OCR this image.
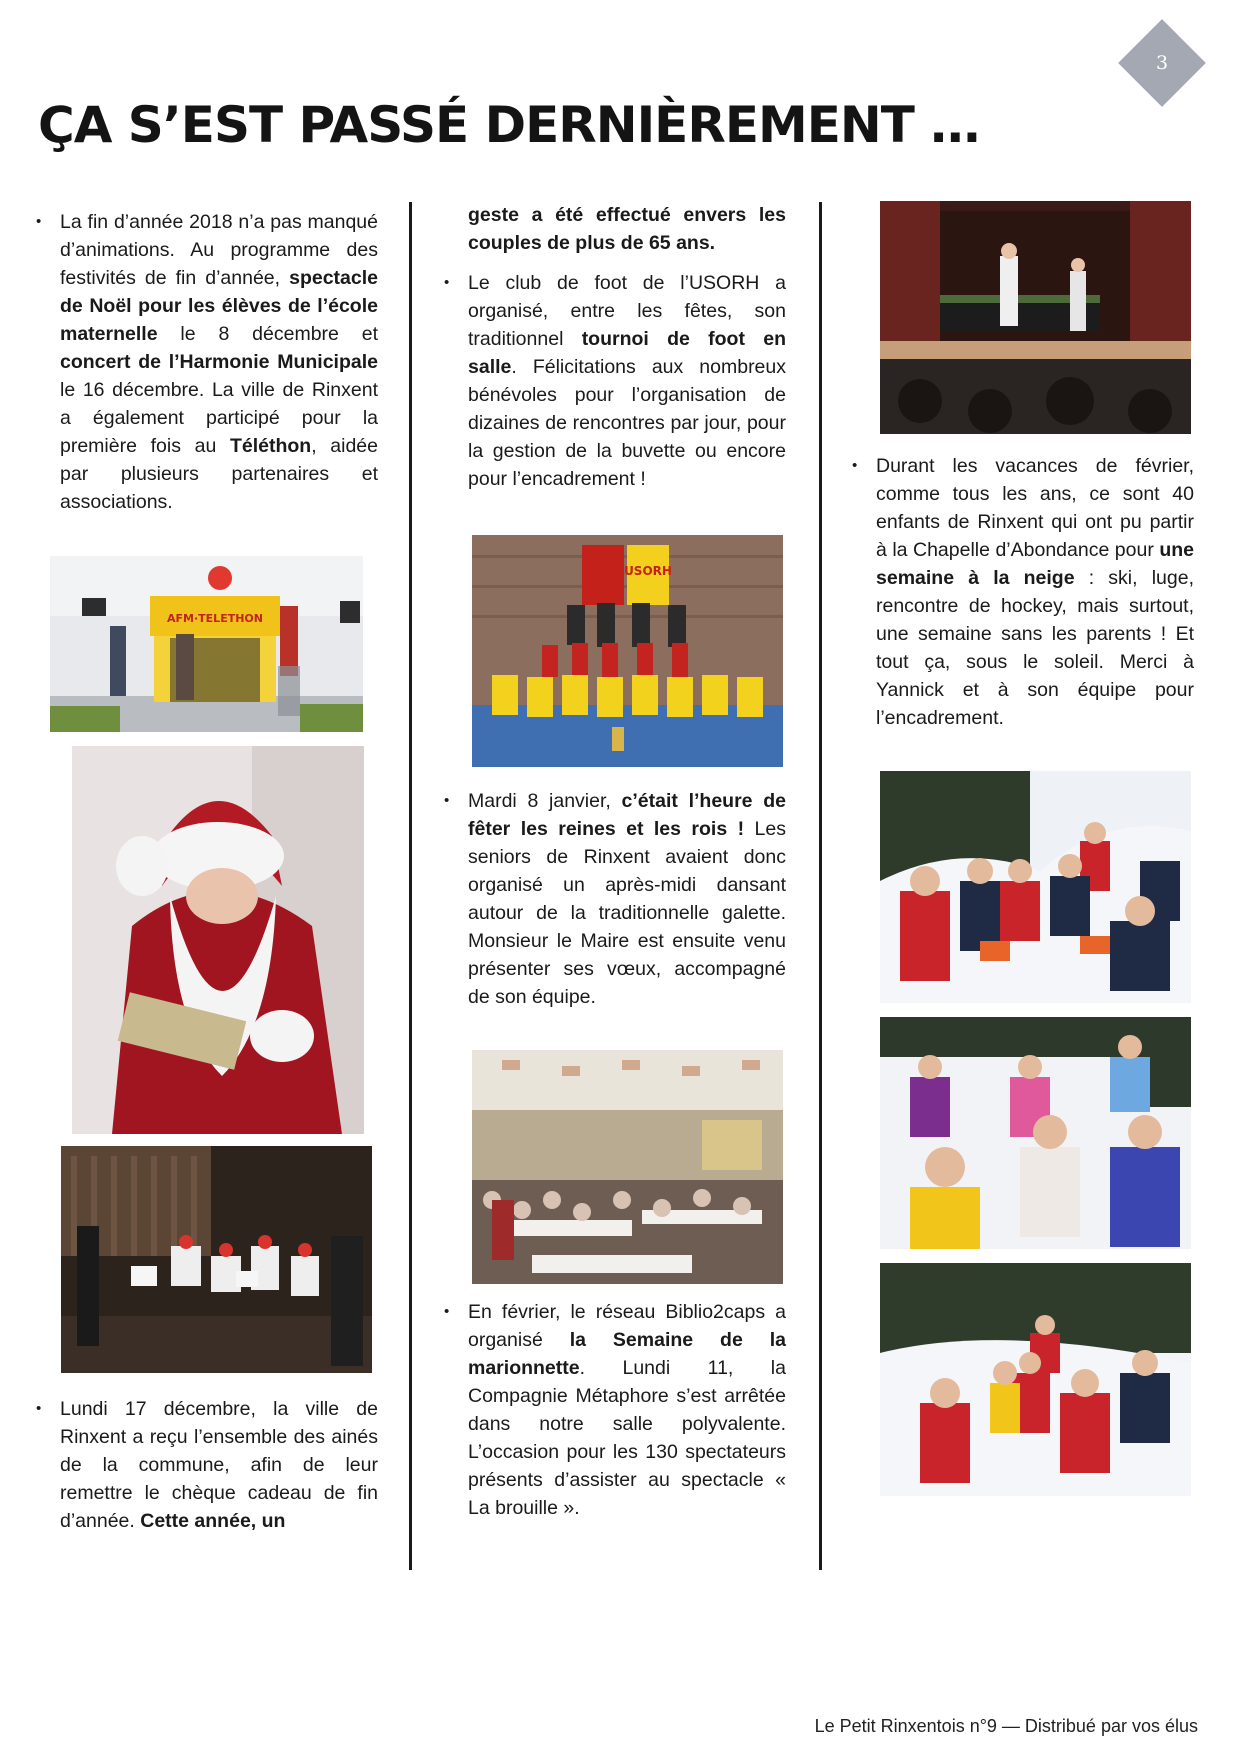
3
ÇA S’EST PASSÉ DERNIÈREMENT …

• La fin d’année 2018 n’a pas manqué d’animations. Au programme des festivités de fin d’année, spectacle de Noël pour les élèves de l’école maternelle le 8 décembre et concert de l’Harmonie Municipale le 16 décembre. La ville de Rinxent a également participé pour la première fois au Téléthon, aidée par plusieurs partenaires et associations.

AFM·TELETHON

• Lundi 17 décembre, la ville de Rinxent a reçu l’ensemble des ainés de la commune, afin de leur remettre le chèque cadeau de fin d’année. Cette année, un

geste a été effectué envers les couples de plus de 65 ans.

• Le club de foot de l’USORH a organisé, entre les fêtes, son traditionnel tournoi de foot en salle. Félicitations aux nombreux bénévoles pour l’organisation de dizaines de rencontres par jour, pour la gestion de la buvette ou encore pour l’encadrement !

USORH

• Mardi 8 janvier, c’était l’heure de fêter les reines et les rois ! Les seniors de Rinxent avaient donc organisé un après-midi dansant autour de la traditionnelle galette. Monsieur le Maire est ensuite venu présenter ses vœux, accompagné de son équipe.

• En février, le réseau Biblio2caps a organisé la Semaine de la marionnette. Lundi 11, la Compagnie Métaphore s’est arrêtée dans notre salle polyvalente. L’occasion pour les 130 spectateurs présents d’assister au spectacle « La brouille ».

• Durant les vacances de février, comme tous les ans, ce sont 40 enfants de Rinxent qui ont pu partir à la Chapelle d’Abondance pour une semaine à la neige : ski, luge, rencontre de hockey, mais surtout, une semaine sans les parents ! Et tout ça, sous le soleil. Merci à Yannick et à son équipe pour l’encadrement.

Le Petit Rinxentois n°9 — Distribué par vos élus
